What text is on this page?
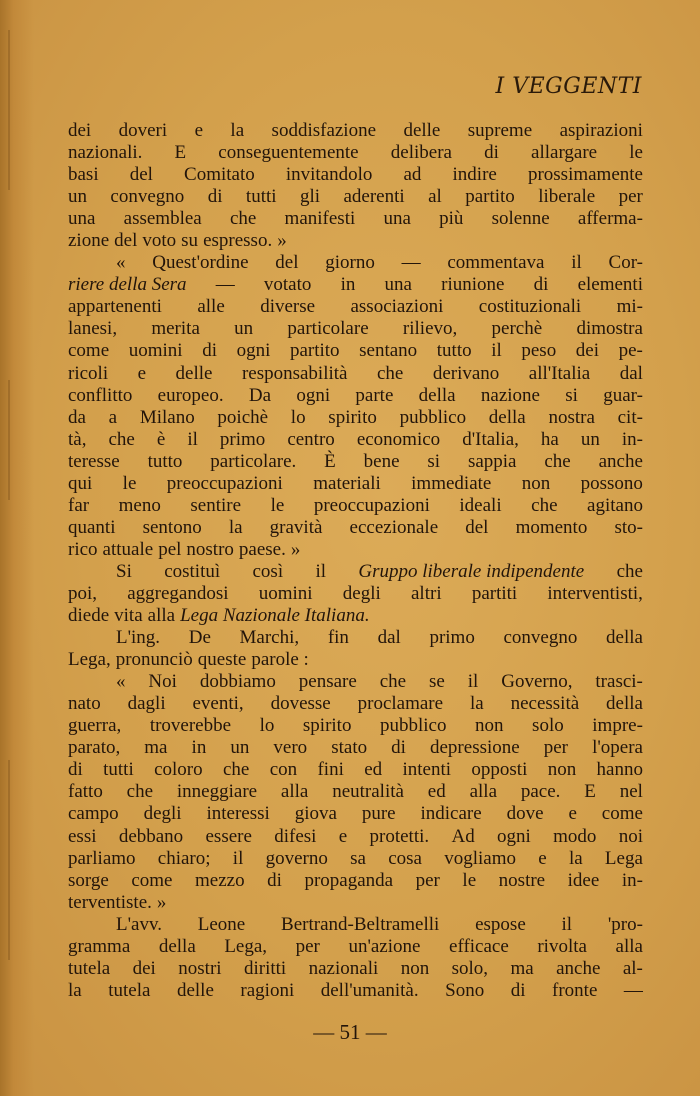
I VEGGENTI
dei doveri e la soddisfazione delle supreme aspirazioni
nazionali. E conseguentemente delibera di allargare le
basi del Comitato invitandolo ad indire prossimamente
un convegno di tutti gli aderenti al partito liberale per
una assemblea che manifesti una più solenne afferma-
zione del voto su espresso. »
« Quest'ordine del giorno — commentava il Cor-
riere della Sera — votato in una riunione di elementi
appartenenti alle diverse associazioni costituzionali mi-
lanesi, merita un particolare rilievo, perchè dimostra
come uomini di ogni partito sentano tutto il peso dei pe-
ricoli e delle responsabilità che derivano all'Italia dal
conflitto europeo. Da ogni parte della nazione si guar-
da a Milano poichè lo spirito pubblico della nostra cit-
tà, che è il primo centro economico d'Italia, ha un in-
teresse tutto particolare. È bene si sappia che anche
qui le preoccupazioni materiali immediate non possono
far meno sentire le preoccupazioni ideali che agitano
quanti sentono la gravità eccezionale del momento sto-
rico attuale pel nostro paese. »
Si costituì così il Gruppo liberale indipendente che
poi, aggregandosi uomini degli altri partiti interventisti,
diede vita alla Lega Nazionale Italiana.
L'ing. De Marchi, fin dal primo convegno della
Lega, pronunciò queste parole :
« Noi dobbiamo pensare che se il Governo, trasci-
nato dagli eventi, dovesse proclamare la necessità della
guerra, troverebbe lo spirito pubblico non solo impre-
parato, ma in un vero stato di depressione per l'opera
di tutti coloro che con fini ed intenti opposti non hanno
fatto che inneggiare alla neutralità ed alla pace. E nel
campo degli interessi giova pure indicare dove e come
essi debbano essere difesi e protetti. Ad ogni modo noi
parliamo chiaro; il governo sa cosa vogliamo e la Lega
sorge come mezzo di propaganda per le nostre idee in-
terventiste. »
L'avv. Leone Bertrand-Beltramelli espose il 'pro-
gramma della Lega, per un'azione efficace rivolta alla
tutela dei nostri diritti nazionali non solo, ma anche al-
la tutela delle ragioni dell'umanità. Sono di fronte —
— 51 —
